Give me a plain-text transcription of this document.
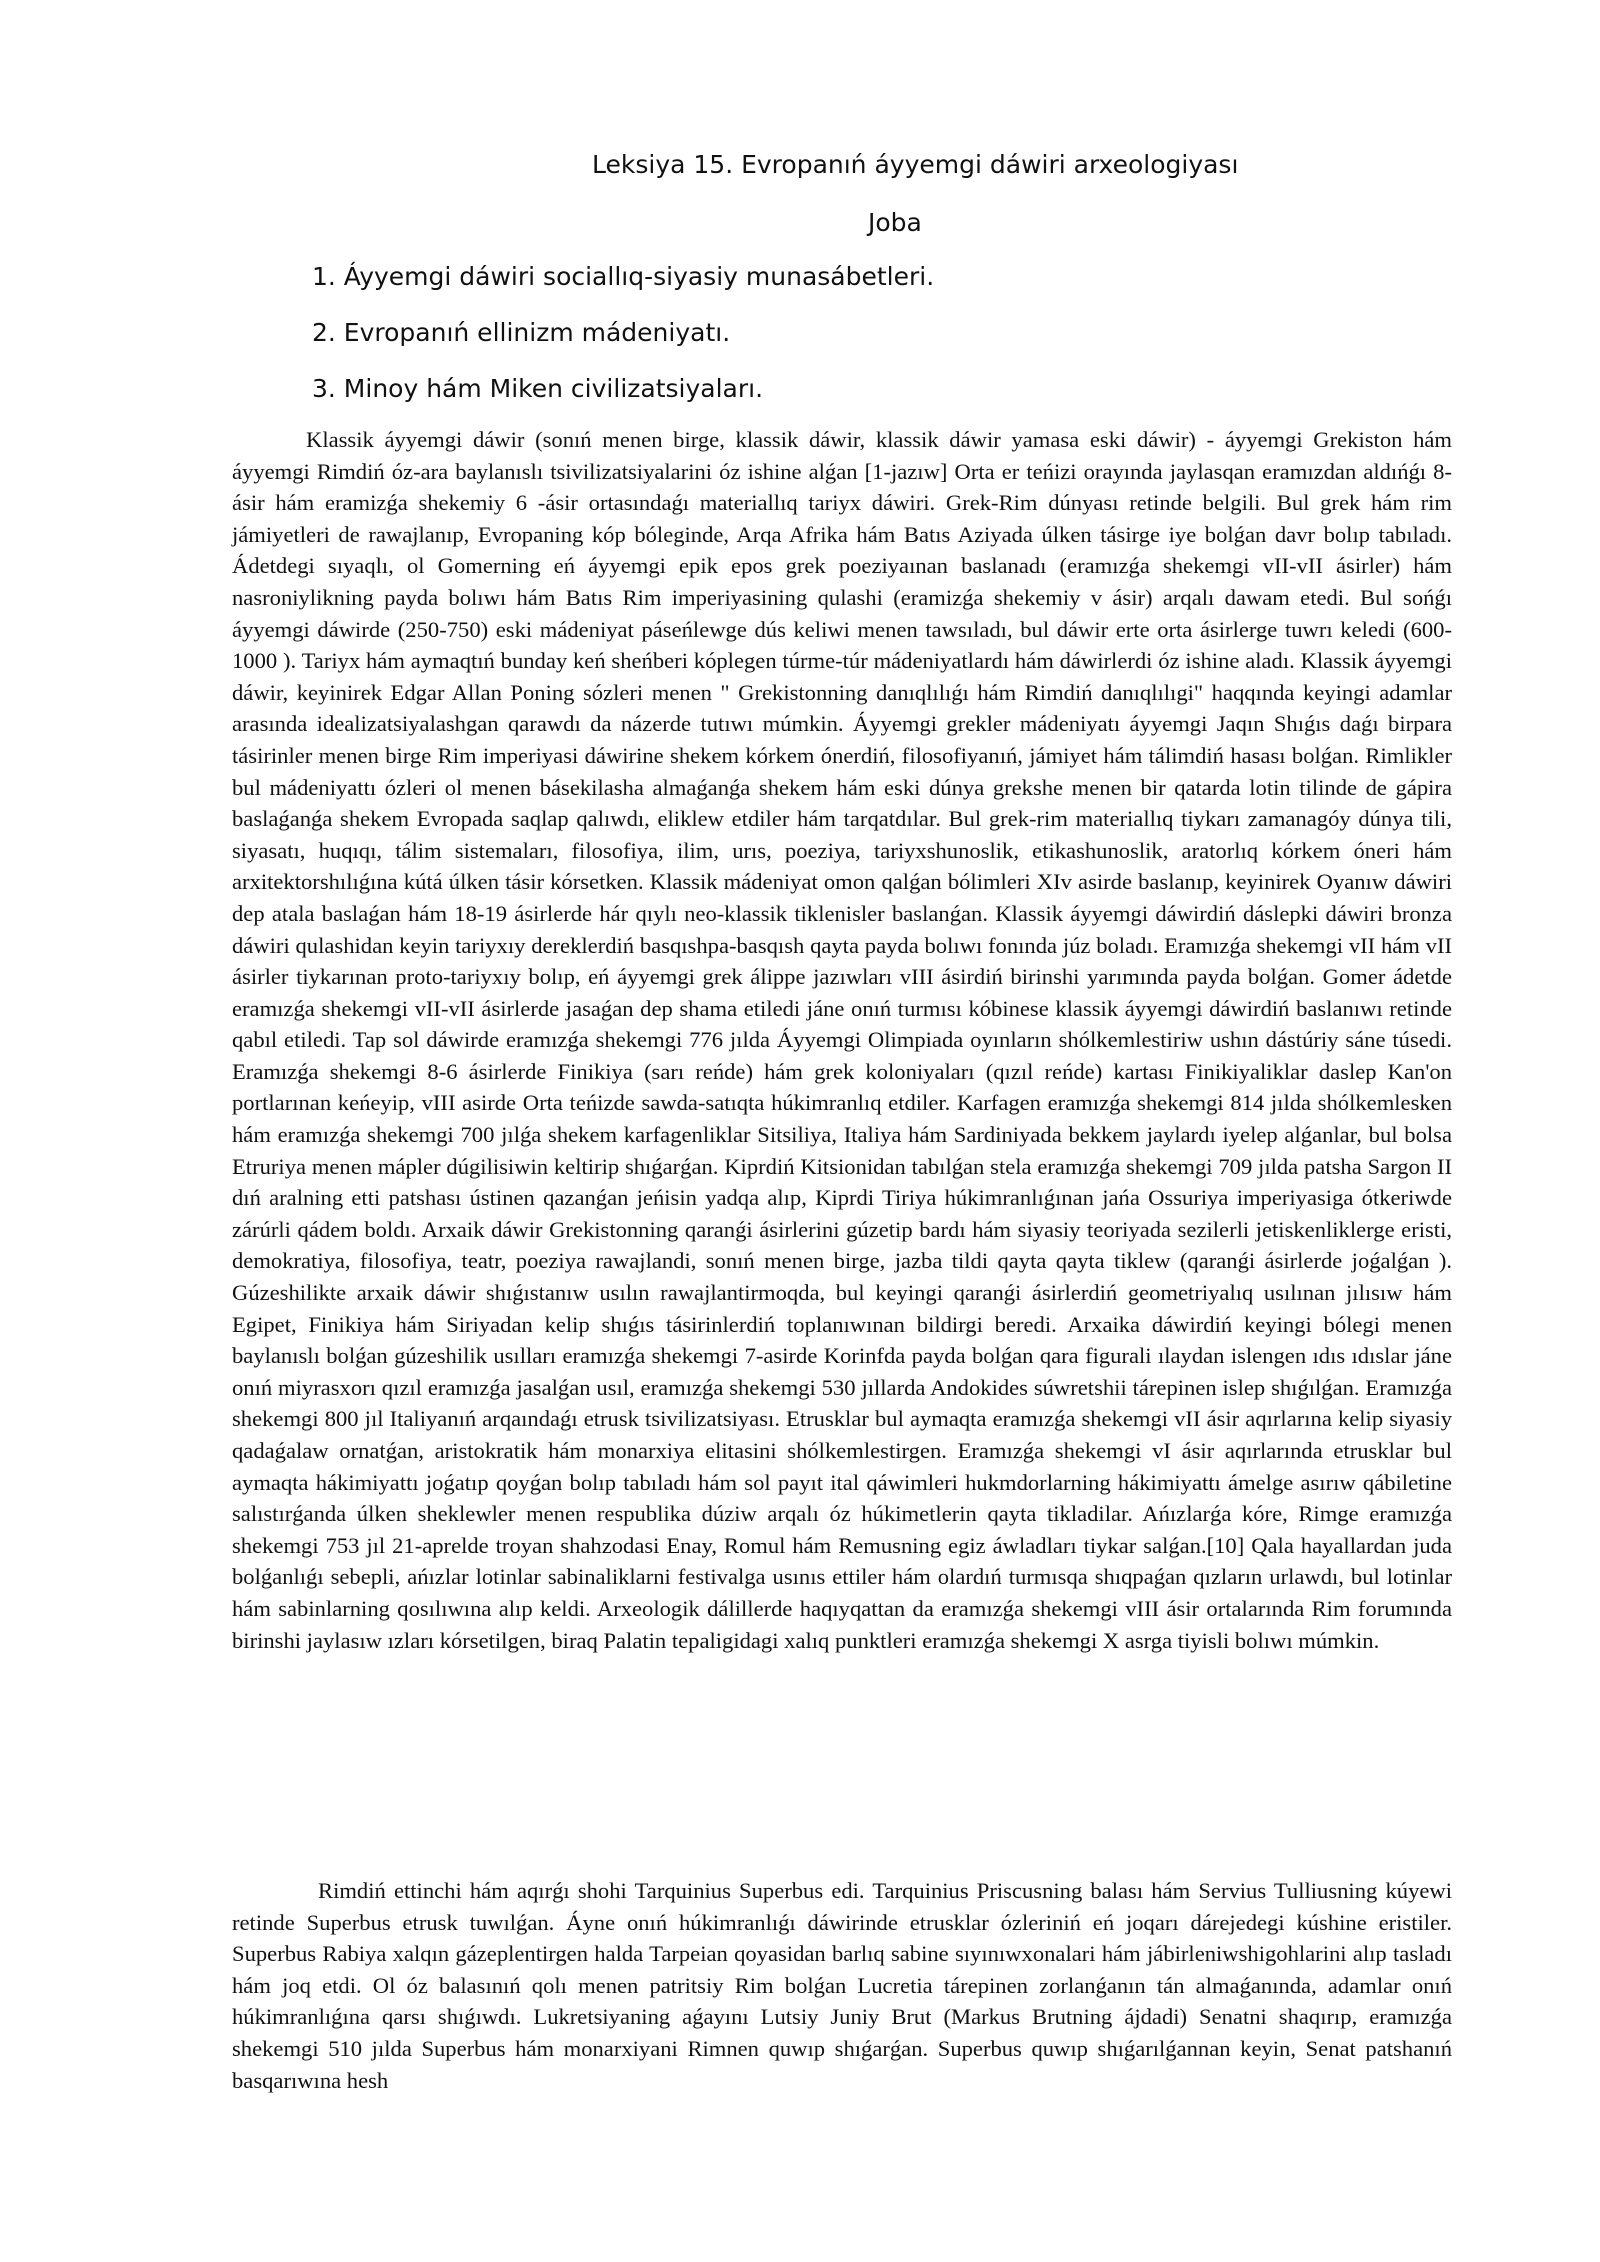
Leksiya 15. Evropanıń áyyemgi dáwiri arxeologiyası
Joba
1. Áyyemgi dáwiri sociallıq-siyasiy munasábetleri.
2. Evropanıń ellinizm mádeniyatı.
3. Minoy hám Miken civilizatsiyaları.

Klassik áyyemgi dáwir (sonıń menen birge, klassik dáwir, klassik dáwir yamasa eski dáwir) - áyyemgi Grekiston hám áyyemgi Rimdiń óz-ara baylanıslı tsivilizatsiyalarini óz ishine alǵan [1-jazıw] Orta er teńizi orayında jaylasqan eramızdan aldıńǵı 8-ásir hám eramizǵa shekemiy 6 -ásir ortasındaǵı materiallıq tariyx dáwiri. Grek-Rim dúnyası retinde belgili. Bul grek hám rim jámiyetleri de rawajlanıp, Evropaning kóp bóleginde, Arqa Afrika hám Batıs Aziyada úlken tásirge iye bolǵan davr bolıp tabıladı. Ádetdegi sıyaqlı, ol Gomerning eń áyyemgi epik epos grek poeziyaınan baslanadı (eramızǵa shekemgi vII-vII ásirler) hám nasroniylikning payda bolıwı hám Batıs Rim imperiyasining qulashi (eramizǵa shekemiy v ásir) arqalı dawam etedi. Bul sońǵı áyyemgi dáwirde (250-750) eski mádeniyat páseńlewge dús keliwi menen tawsıladı, bul dáwir erte orta ásirlerge tuwrı keledi (600-1000 ). Tariyx hám aymaqtıń bunday keń sheńberi kóplegen túrme-túr mádeniyatlardı hám dáwirlerdi óz ishine aladı. Klassik áyyemgi dáwir, keyinirek Edgar Allan Poning sózleri menen " Grekistonning danıqlılıǵı hám Rimdiń danıqlılıgi" haqqında keyingi adamlar arasında idealizatsiyalashgan qarawdı da názerde tutıwı múmkin. Áyyemgi grekler mádeniyatı áyyemgi Jaqın Shıǵıs daǵı birpara tásirinler menen birge Rim imperiyasi dáwirine shekem kórkem ónerdiń, filosofiyanıń, jámiyet hám tálimdiń hasası bolǵan. Rimlikler bul mádeniyattı ózleri ol menen básekilasha almaǵanǵa shekem hám eski dúnya grekshe menen bir qatarda lotin tilinde de gápira baslaǵanǵa shekem Evropada saqlap qalıwdı, eliklew etdiler hám tarqatdılar. Bul grek-rim materiallıq tiykarı zamanagóy dúnya tili, siyasatı, huqıqı, tálim sistemaları, filosofiya, ilim, urıs, poeziya, tariyxshunoslik, etikashunoslik, aratorlıq kórkem óneri hám arxitektorshılıǵına kútá úlken tásir kórsetken. Klassik mádeniyat omon qalǵan bólimleri XIv asirde baslanıp, keyinirek Oyanıw dáwiri dep atala baslaǵan hám 18-19 ásirlerde hár qıylı neo-klassik tiklenisler baslanǵan. Klassik áyyemgi dáwirdiń dáslepki dáwiri bronza dáwiri qulashidan keyin tariyxıy dereklerdiń basqıshpa-basqısh qayta payda bolıwı fonında júz boladı. Eramızǵa shekemgi vII hám vII ásirler tiykarınan proto-tariyxıy bolıp, eń áyyemgi grek álippe jazıwları vIII ásirdiń birinshi yarımında payda bolǵan. Gomer ádetde eramızǵa shekemgi vII-vII ásirlerde jasaǵan dep shama etiledi jáne onıń turmısı kóbinese klassik áyyemgi dáwirdiń baslanıwı retinde qabıl etiledi. Tap sol dáwirde eramızǵa shekemgi 776 jılda Áyyemgi Olimpiada oyınların shólkemlestiriw ushın dástúriy sáne túsedi. Eramızǵa shekemgi 8-6 ásirlerde Finikiya (sarı reńde) hám grek koloniyaları (qızıl reńde) kartası Finikiyaliklar daslep Kan'on portlarınan keńeyip, vIII asirde Orta teńizde sawda-satıqta húkimranlıq etdiler. Karfagen eramızǵa shekemgi 814 jılda shólkemlesken hám eramızǵa shekemgi 700 jılǵa shekem karfagenliklar Sitsiliya, Italiya hám Sardiniyada bekkem jaylardı iyelep alǵanlar, bul bolsa Etruriya menen mápler dúgilisiwin keltirip shıǵarǵan. Kiprdiń Kitsionidan tabılǵan stela eramızǵa shekemgi 709 jılda patsha Sargon II dıń aralning etti patshası ústinen qazanǵan jeńisin yadqa alıp, Kiprdi Tiriya húkimranlıǵınan jańa Ossuriya imperiyasiga ótkeriwde zárúrli qádem boldı. Arxaik dáwir Grekistonning qaranǵi ásirlerini gúzetip bardı hám siyasiy teoriyada sezilerli jetiskenliklerge eristi, demokratiya, filosofiya, teatr, poeziya rawajlandi, sonıń menen birge, jazba tildi qayta qayta tiklew (qaranǵi ásirlerde joǵalǵan ). Gúzeshilikte arxaik dáwir shıǵıstanıw usılın rawajlantirmoqda, bul keyingi qaranǵi ásirlerdiń geometriyalıq usılınan jılısıw hám Egipet, Finikiya hám Siriyadan kelip shıǵıs tásirinlerdiń toplanıwınan bildirgi beredi. Arxaika dáwirdiń keyingi bólegi menen baylanıslı bolǵan gúzeshilik usılları eramızǵa shekemgi 7-asirde Korinfda payda bolǵan qara figurali ılaydan islengen ıdıs ıdıslar jáne onıń miyrasxorı qızıl eramızǵa jasalǵan usıl, eramızǵa shekemgi 530 jıllarda Andokides súwretshii tárepinen islep shıǵılǵan. Eramızǵa shekemgi 800 jıl Italiyanıń arqaındaǵı etrusk tsivilizatsiyası. Etrusklar bul aymaqta eramızǵa shekemgi vII ásir aqırlarına kelip siyasiy qadaǵalaw ornatǵan, aristokratik hám monarxiya elitasini shólkemlestirgen. Eramızǵa shekemgi vI ásir aqırlarında etrusklar bul aymaqta hákimiyattı joǵatıp qoyǵan bolıp tabıladı hám sol payıt ital qáwimleri hukmdorlarning hákimiyattı ámelge asırıw qábiletine salıstırǵanda úlken sheklewler menen respublika dúziw arqalı óz húkimetlerin qayta tikladilar. Ańızlarǵa kóre, Rimge eramızǵa shekemgi 753 jıl 21-aprelde troyan shahzodasi Enay, Romul hám Remusning egiz áwladları tiykar salǵan.[10] Qala hayallardan juda bolǵanlıǵı sebepli, ańızlar lotinlar sabinaliklarni festivalga usınıs ettiler hám olardıń turmısqa shıqpaǵan qızların urlawdı, bul lotinlar hám sabinlarning qosılıwına alıp keldi. Arxeologik dálillerde haqıyqattan da eramızǵa shekemgi vIII ásir ortalarında Rim forumında birinshi jaylasıw ızları kórsetilgen, biraq Palatin tepaligidagi xalıq punktleri eramızǵa shekemgi X asrga tiyisli bolıwı múmkin.

Rimdiń ettinchi hám aqırǵı shohi Tarquinius Superbus edi. Tarquinius Priscusning balası hám Servius Tulliusning kúyewi retinde Superbus etrusk tuwılǵan. Áyne onıń húkimranlıǵı dáwirinde etrusklar ózleriniń eń joqarı dárejedegi kúshine eristiler. Superbus Rabiya xalqın gázeplentirgen halda Tarpeian qoyasidan barlıq sabine sıyınıwxonalari hám jábirleniwshigohlarini alıp tasladı hám joq etdi. Ol óz balasınıń qolı menen patritsiy Rim bolǵan Lucretia tárepinen zorlanǵanın tán almaǵanında, adamlar onıń húkimranlıǵına qarsı shıǵıwdı. Lukretsiyaning aǵayını Lutsiy Juniy Brut (Markus Brutning ájdadi) Senatni shaqırıp, eramızǵa shekemgi 510 jılda Superbus hám monarxiyani Rimnen quwıp shıǵarǵan. Superbus quwıp shıǵarılǵannan keyin, Senat patshanıń basqarıwına hesh
